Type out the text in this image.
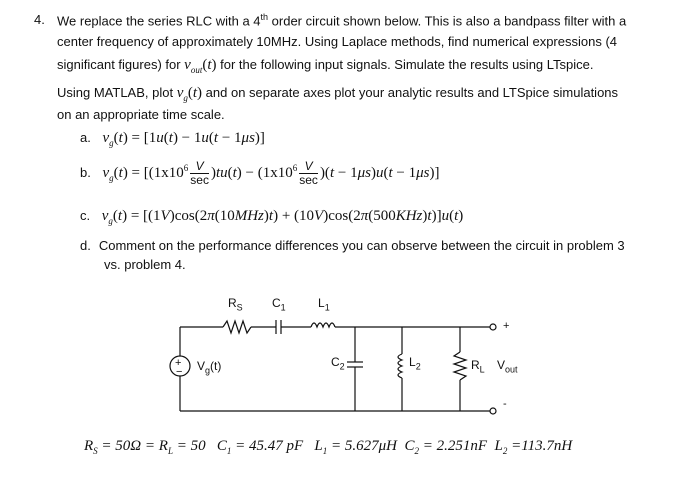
4. We replace the series RLC with a 4th order circuit shown below. This is also a bandpass filter with a
center frequency of approximately 10MHz. Using Laplace methods, find numerical expressions (4
significant figures) for $v_{out}(t)$ for the following input signals. Simulate the results using LTspice.
Using MATLAB, plot $v_g(t)$ and on separate axes plot your analytic results and LTSpice simulations
on an appropriate time scale.
a. $v_g(t) = [1u(t) - 1u(t - 1\mu s)]$
b. $v_g(t) = [(1x10^6 \frac{V}{\sec} )tu(t) - (1x10^6 \frac{V}{\sec} )(t - 1\mu s)u(t - 1\mu s)]$
c. $v_g(t) = [(1V)\cos(2\pi(10MHz)t) + (10V)\cos(2\pi(500KHz)t)]u(t)$
d. Comment on the performance differences you can observe between the circuit in problem 3
vs. problem 4.
+
−
$R_S$ $C_1$	$L_1$
$C_2$	$L_2$	$R_L$ $V_{out}$
$V_g(t)$
+
-
$R_S = 50\Omega = R_L = 50$   $C_1 = 45.47$ pF   $L_1 = 5.627\mu H$  $C_2 = 2.251nF$  $L_2 =113.7nH$
